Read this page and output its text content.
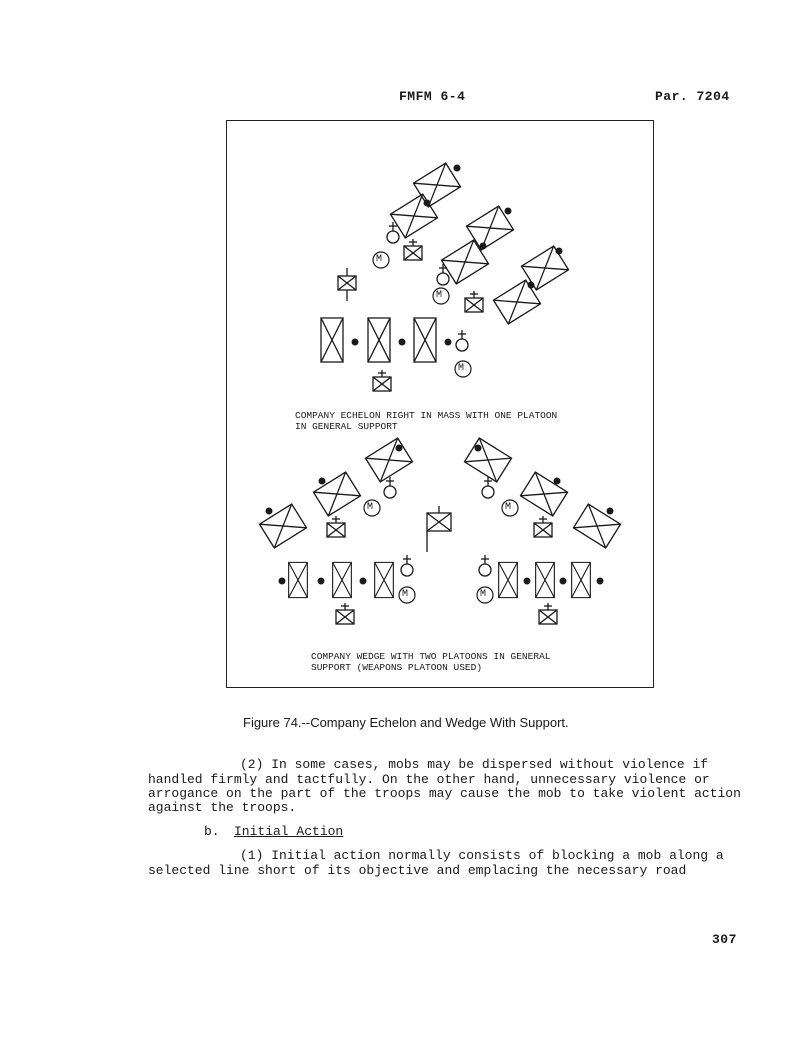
FMFM 6-4	Par. 7204
M
M
M
M	M
M	M
COMPANY ECHELON RIGHT IN MASS WITH ONE PLATOON
IN GENERAL SUPPORT
COMPANY WEDGE WITH TWO PLATOONS IN GENERAL
SUPPORT (WEAPONS PLATOON USED)
Figure 74.--Company Echelon and Wedge With Support.
(2) In some cases, mobs may be dispersed without violence if
handled firmly and tactfully. On the other hand, unnecessary violence or
arrogance on the part of the troops may cause the mob to take violent action
against the troops.
b. Initial Action
(1) Initial action normally consists of blocking a mob along a
selected line short of its objective and emplacing the necessary road
307
